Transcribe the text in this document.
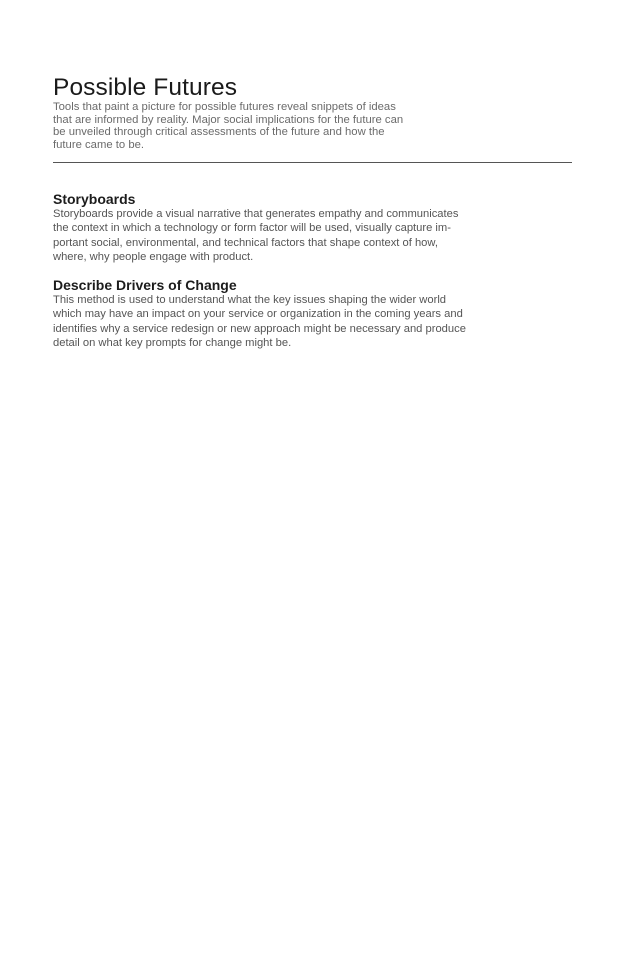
Possible Futures
Tools that paint a picture for possible futures reveal snippets of ideas
that are informed by reality. Major social implications for the future can
be unveiled through critical assessments of the future and how the
future came to be.
Storyboards

Storyboards provide a visual narrative that generates empathy and communicates
the context in which a technology or form factor will be used, visually capture im-
portant social, environmental, and technical factors that shape context of how,
where, why people engage with product.

Describe Drivers of Change

This method is used to understand what the key issues shaping the wider world
which may have an impact on your service or organization in the coming years and
identifies why a service redesign or new approach might be necessary and produce
detail on what key prompts for change might be.
